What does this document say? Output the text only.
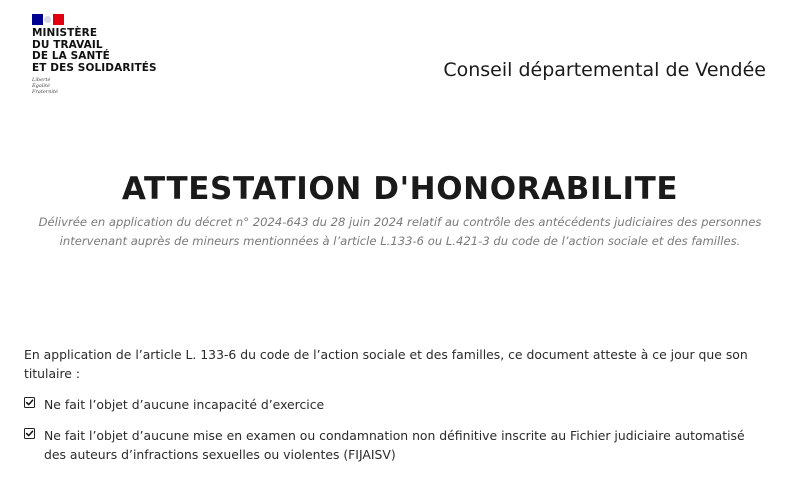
MINISTÈRE
DU TRAVAIL
DE LA SANTÉ
ET DES SOLIDARITÉS
Liberté
Égalité
Fraternité
Conseil départemental de Vendée
ATTESTATION D'HONORABILITE
Délivrée en application du décret n° 2024-643 du 28 juin 2024 relatif au contrôle des antécédents judiciaires des personnes intervenant auprès de mineurs mentionnées à l’article L.133-6 ou L.421-3 du code de l’action sociale et des familles.
En application de l’article L. 133-6 du code de l’action sociale et des familles, ce document atteste à ce jour que son titulaire :
Ne fait l’objet d’aucune incapacité d’exercice
Ne fait l’objet d’aucune mise en examen ou condamnation non définitive inscrite au Fichier judiciaire automatisé des auteurs d’infractions sexuelles ou violentes (FIJAISV)
